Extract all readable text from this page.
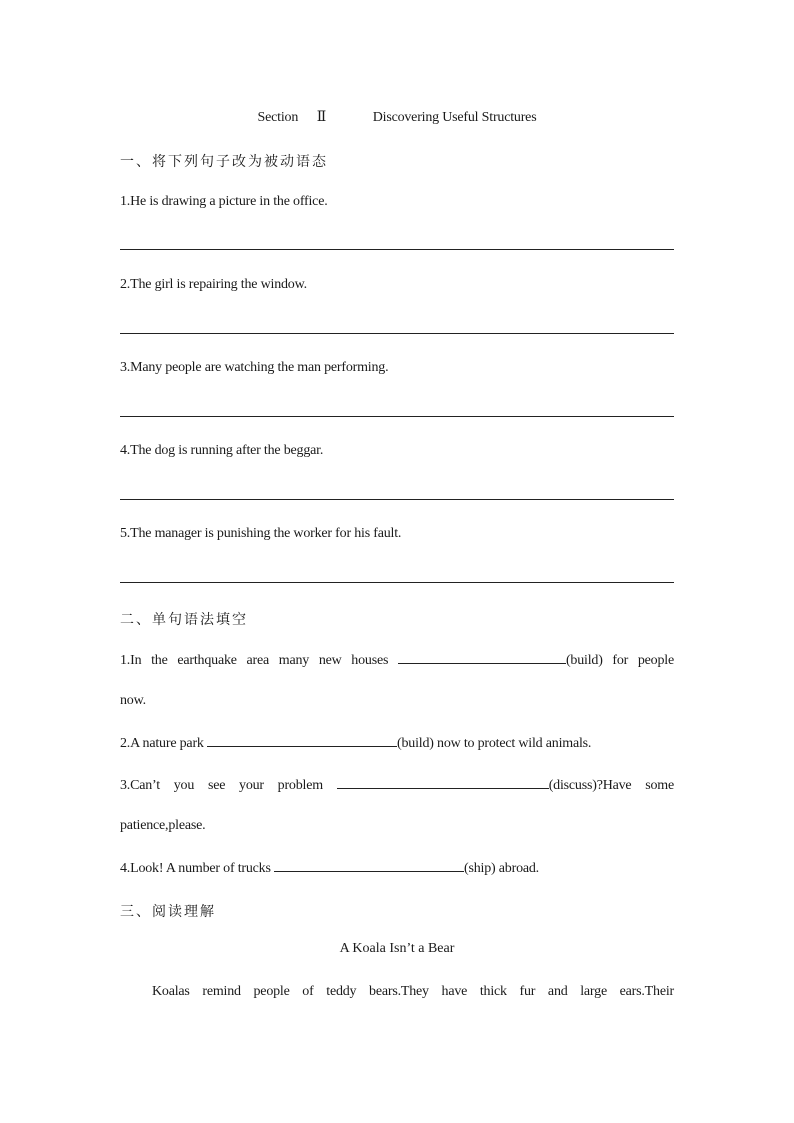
Section Ⅱ	Discovering Useful Structures
一、将下列句子改为被动语态
1.He is drawing a picture in the office.
2.The girl is repairing the window.
3.Many people are watching the man performing.
4.The dog is running after the beggar.
5.The manager is punishing the worker for his fault.
二、单句语法填空
1.In the earthquake area many new houses	(build) for people
now.
2.A nature park	(build) now to protect wild animals.
3.Can’t you see your problem	(discuss)?Have some
patience,please.
4.Look! A number of trucks	(ship) abroad.
三、阅读理解
A Koala Isn’t a Bear
Koalas remind people of teddy bears.They have thick fur and large ears.Their
